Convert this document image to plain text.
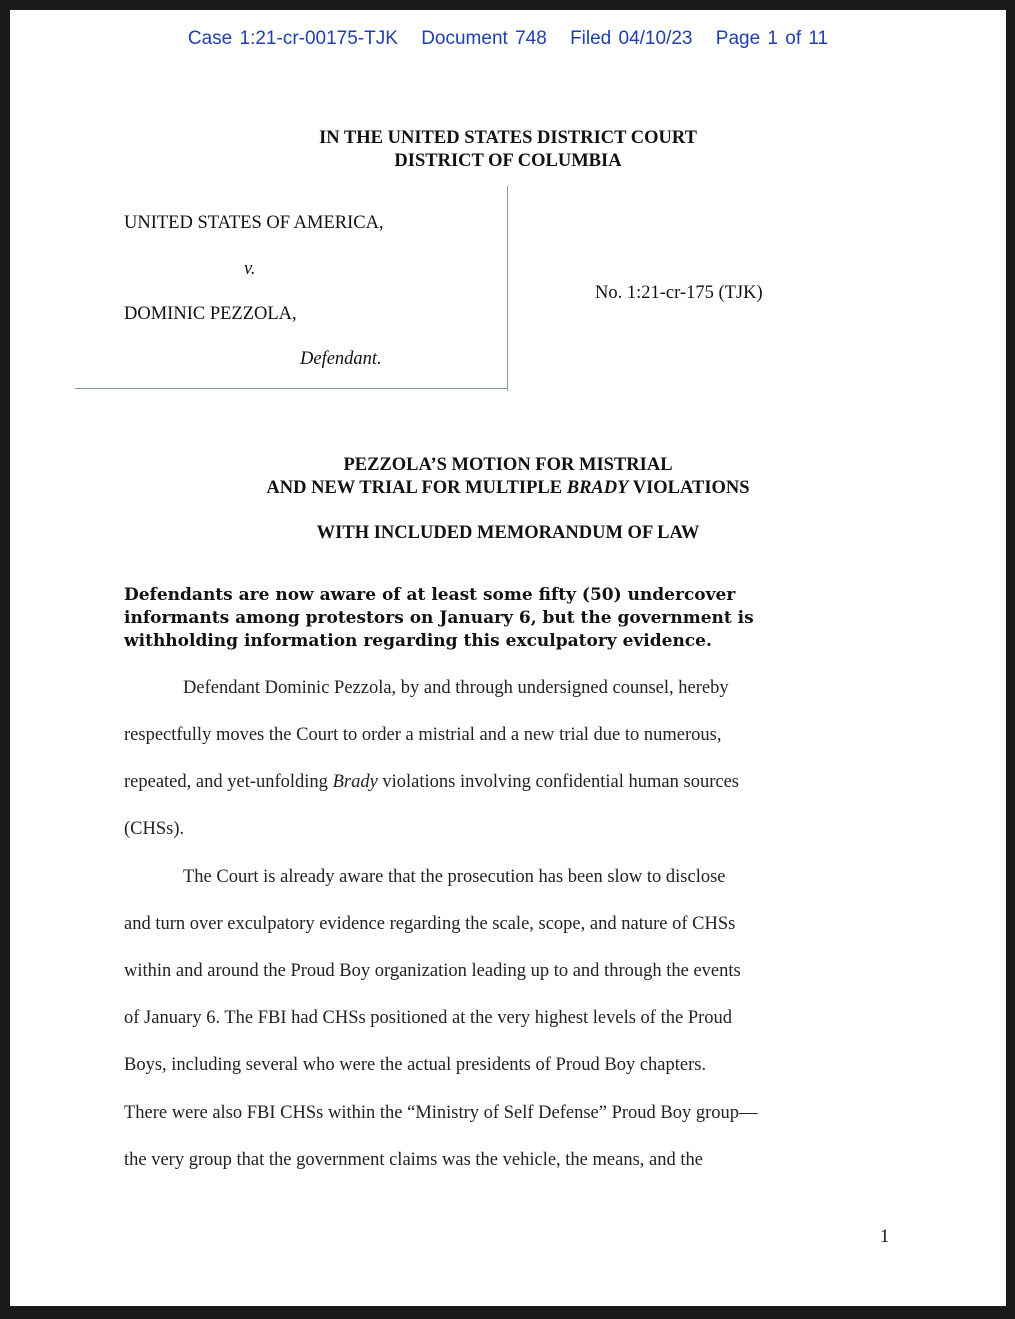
Case 1:21-cr-00175-TJK Document 748 Filed 04/10/23 Page 1 of 11
IN THE UNITED STATES DISTRICT COURT
DISTRICT OF COLUMBIA
UNITED STATES OF AMERICA,
v.
DOMINIC PEZZOLA,
Defendant.
No. 1:21-cr-175 (TJK)
PEZZOLA’S MOTION FOR MISTRIAL
AND NEW TRIAL FOR MULTIPLE BRADY VIOLATIONS
WITH INCLUDED MEMORANDUM OF LAW
Defendants are now aware of at least some fifty (50) undercover
informants among protestors on January 6, but the government is
withholding information regarding this exculpatory evidence.
Defendant Dominic Pezzola, by and through undersigned counsel, hereby
respectfully moves the Court to order a mistrial and a new trial due to numerous,
repeated, and yet-unfolding Brady violations involving confidential human sources
(CHSs).
The Court is already aware that the prosecution has been slow to disclose
and turn over exculpatory evidence regarding the scale, scope, and nature of CHSs
within and around the Proud Boy organization leading up to and through the events
of January 6. The FBI had CHSs positioned at the very highest levels of the Proud
Boys, including several who were the actual presidents of Proud Boy chapters.
There were also FBI CHSs within the “Ministry of Self Defense” Proud Boy group—
the very group that the government claims was the vehicle, the means, and the
1
